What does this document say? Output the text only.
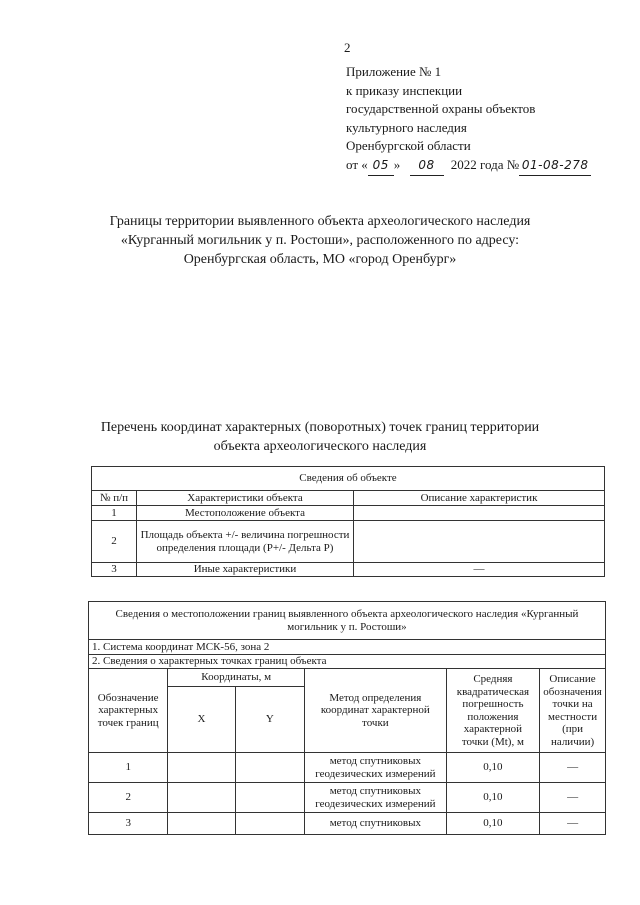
2
Приложение № 1
к приказу инспекции
государственной охраны объектов
культурного наследия
Оренбургской области
от « 05 » 08 2022 года № 01-08-278
Границы территории выявленного объекта археологического наследия
«Курганный могильник у п. Ростоши», расположенного по адресу:
Оренбургская область, МО «город Оренбург»
Перечень координат характерных (поворотных) точек границ территории
объекта археологического наследия
Сведения об объекте		
№ п/п	Характеристики объекта	Описание характеристик
1	Местоположение объекта	
2	Площадь объекта +/- величина погрешности определения площади (P+/- Дельта P)	
3	Иные характеристики	—
Сведения о местоположении границ выявленного объекта археологического наследия «Курганный могильник у п. Ростоши»					
1. Система координат МСК-56, зона 2					
2. Сведения о характерных точках границ объекта					
Обозначение характерных точек границ	Координаты, м		Метод определения координат характерной точки	Средняя квадратическая погрешность положения характерной точки (Mt), м	Описание обозначения точки на местности (при наличии)
	X	Y			
1			метод спутниковых геодезических измерений	0,10	—
2			метод спутниковых геодезических измерений	0,10	—
3			метод спутниковых	0,10	—
